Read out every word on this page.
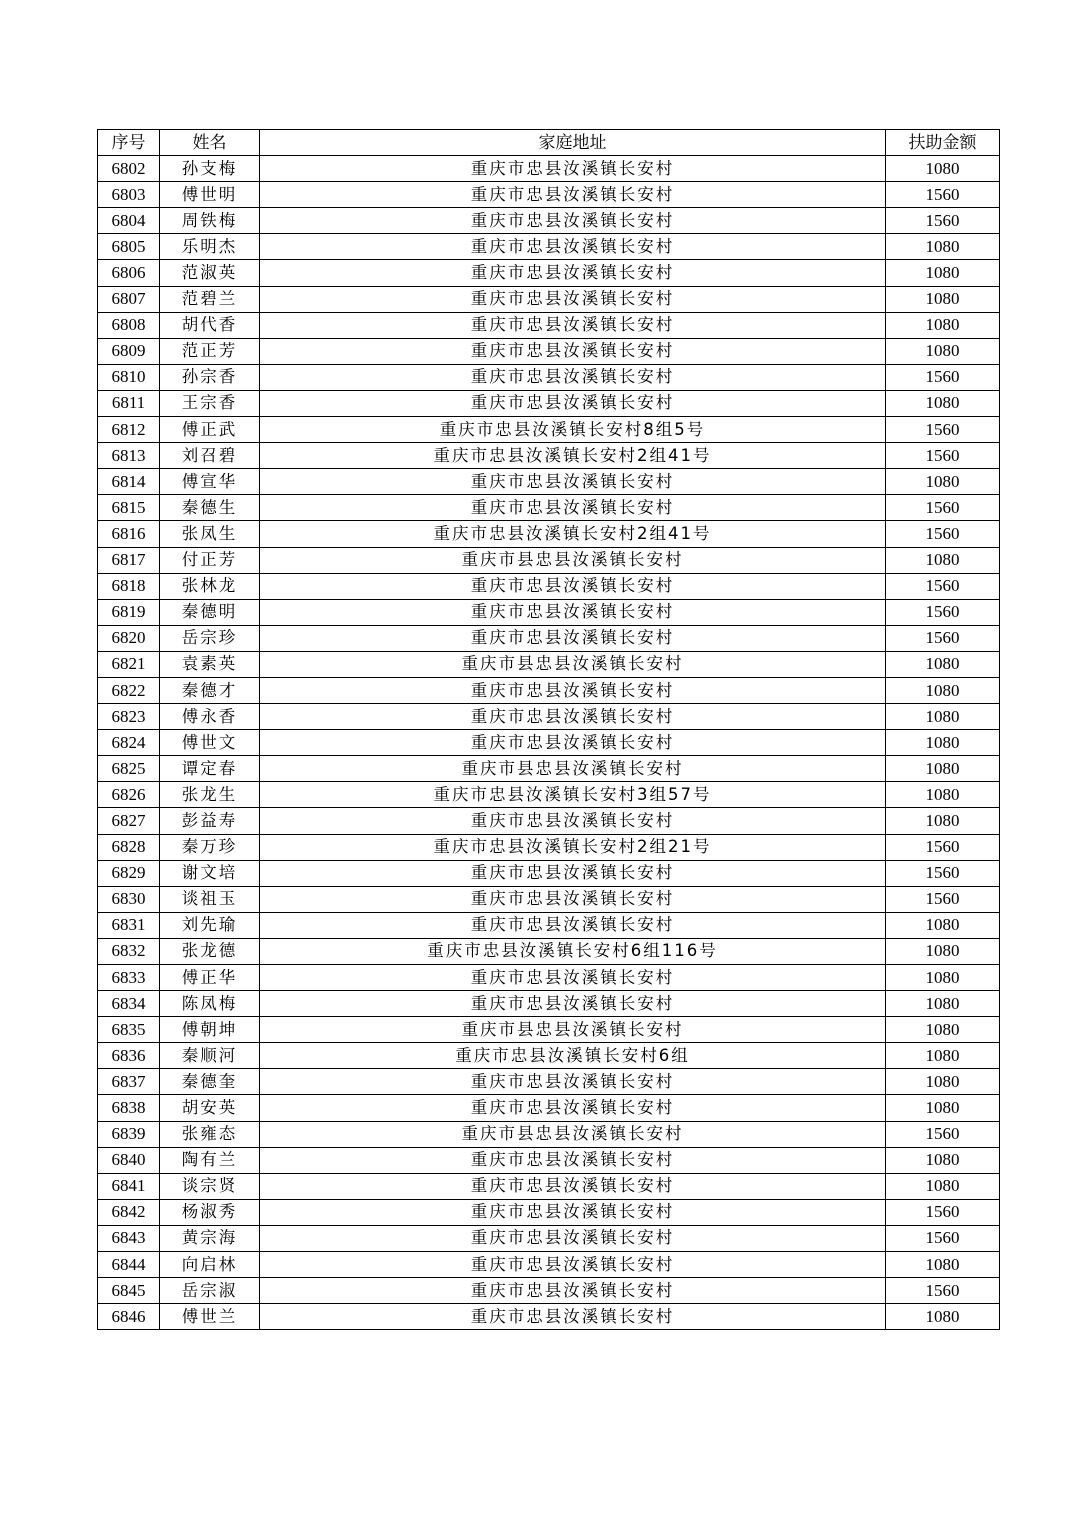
序号	姓名	家庭地址	扶助金额
6802	孙支梅	重庆市忠县汝溪镇长安村	1080
6803	傅世明	重庆市忠县汝溪镇长安村	1560
6804	周铁梅	重庆市忠县汝溪镇长安村	1560
6805	乐明杰	重庆市忠县汝溪镇长安村	1080
6806	范淑英	重庆市忠县汝溪镇长安村	1080
6807	范碧兰	重庆市忠县汝溪镇长安村	1080
6808	胡代香	重庆市忠县汝溪镇长安村	1080
6809	范正芳	重庆市忠县汝溪镇长安村	1080
6810	孙宗香	重庆市忠县汝溪镇长安村	1560
6811	王宗香	重庆市忠县汝溪镇长安村	1080
6812	傅正武	重庆市忠县汝溪镇长安村8组5号	1560
6813	刘召碧	重庆市忠县汝溪镇长安村2组41号	1560
6814	傅宣华	重庆市忠县汝溪镇长安村	1080
6815	秦德生	重庆市忠县汝溪镇长安村	1560
6816	张凤生	重庆市忠县汝溪镇长安村2组41号	1560
6817	付正芳	重庆市县忠县汝溪镇长安村	1080
6818	张林龙	重庆市忠县汝溪镇长安村	1560
6819	秦德明	重庆市忠县汝溪镇长安村	1560
6820	岳宗珍	重庆市忠县汝溪镇长安村	1560
6821	袁素英	重庆市县忠县汝溪镇长安村	1080
6822	秦德才	重庆市忠县汝溪镇长安村	1080
6823	傅永香	重庆市忠县汝溪镇长安村	1080
6824	傅世文	重庆市忠县汝溪镇长安村	1080
6825	谭定春	重庆市县忠县汝溪镇长安村	1080
6826	张龙生	重庆市忠县汝溪镇长安村3组57号	1080
6827	彭益寿	重庆市忠县汝溪镇长安村	1080
6828	秦万珍	重庆市忠县汝溪镇长安村2组21号	1560
6829	谢文培	重庆市忠县汝溪镇长安村	1560
6830	谈祖玉	重庆市忠县汝溪镇长安村	1560
6831	刘先瑜	重庆市忠县汝溪镇长安村	1080
6832	张龙德	重庆市忠县汝溪镇长安村6组116号	1080
6833	傅正华	重庆市忠县汝溪镇长安村	1080
6834	陈凤梅	重庆市忠县汝溪镇长安村	1080
6835	傅朝坤	重庆市县忠县汝溪镇长安村	1080
6836	秦顺河	重庆市忠县汝溪镇长安村6组	1080
6837	秦德奎	重庆市忠县汝溪镇长安村	1080
6838	胡安英	重庆市忠县汝溪镇长安村	1080
6839	张雍态	重庆市县忠县汝溪镇长安村	1560
6840	陶有兰	重庆市忠县汝溪镇长安村	1080
6841	谈宗贤	重庆市忠县汝溪镇长安村	1080
6842	杨淑秀	重庆市忠县汝溪镇长安村	1560
6843	黄宗海	重庆市忠县汝溪镇长安村	1560
6844	向启林	重庆市忠县汝溪镇长安村	1080
6845	岳宗淑	重庆市忠县汝溪镇长安村	1560
6846	傅世兰	重庆市忠县汝溪镇长安村	1080
